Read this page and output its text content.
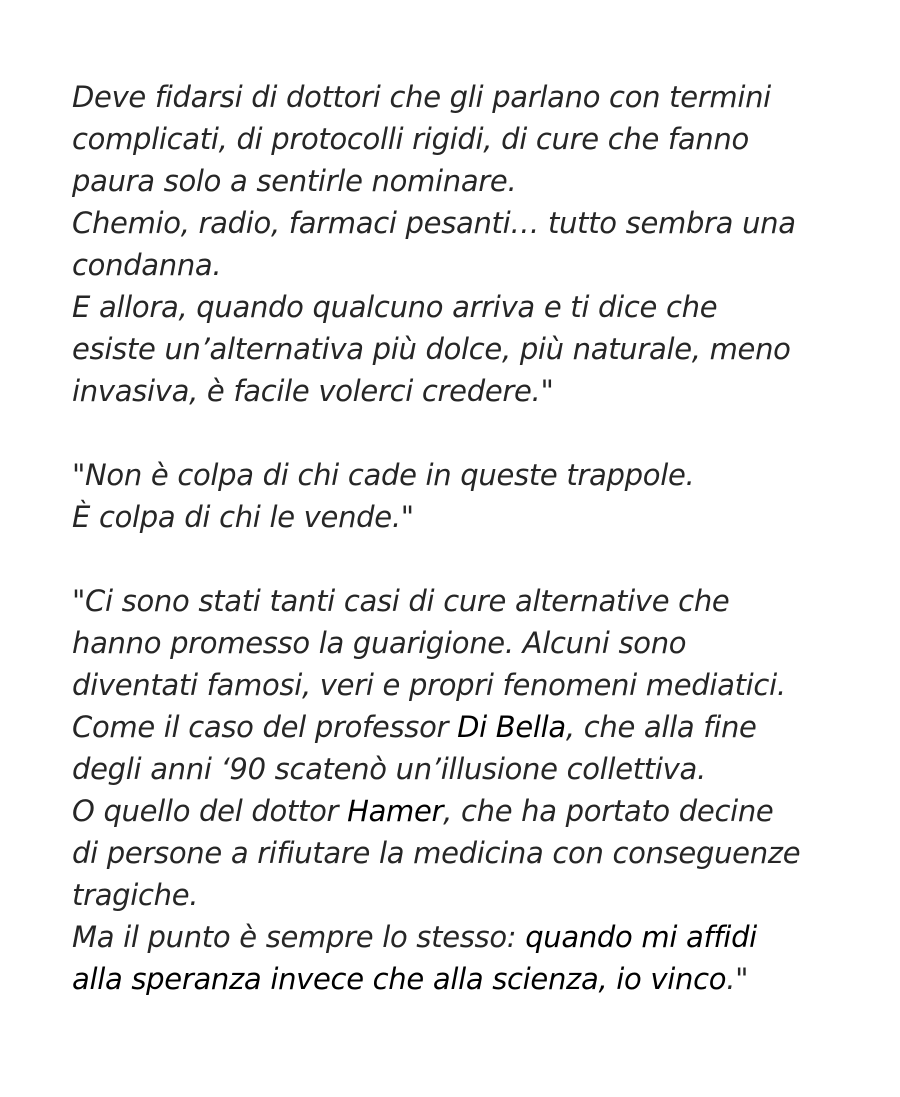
Deve fidarsi di dottori che gli parlano con termini
complicati, di protocolli rigidi, di cure che fanno
paura solo a sentirle nominare.
Chemio, radio, farmaci pesanti… tutto sembra una
condanna.
E allora, quando qualcuno arriva e ti dice che
esiste un’alternativa più dolce, più naturale, meno
invasiva, è facile volerci credere."
"Non è colpa di chi cade in queste trappole.
È colpa di chi le vende."
"Ci sono stati tanti casi di cure alternative che
hanno promesso la guarigione. Alcuni sono
diventati famosi, veri e propri fenomeni mediatici.
Come il caso del professor Di Bella, che alla fine
degli anni ‘90 scatenò un’illusione collettiva.
O quello del dottor Hamer, che ha portato decine
di persone a rifiutare la medicina con conseguenze
tragiche.
Ma il punto è sempre lo stesso: quando mi affidi
alla speranza invece che alla scienza, io vinco."
